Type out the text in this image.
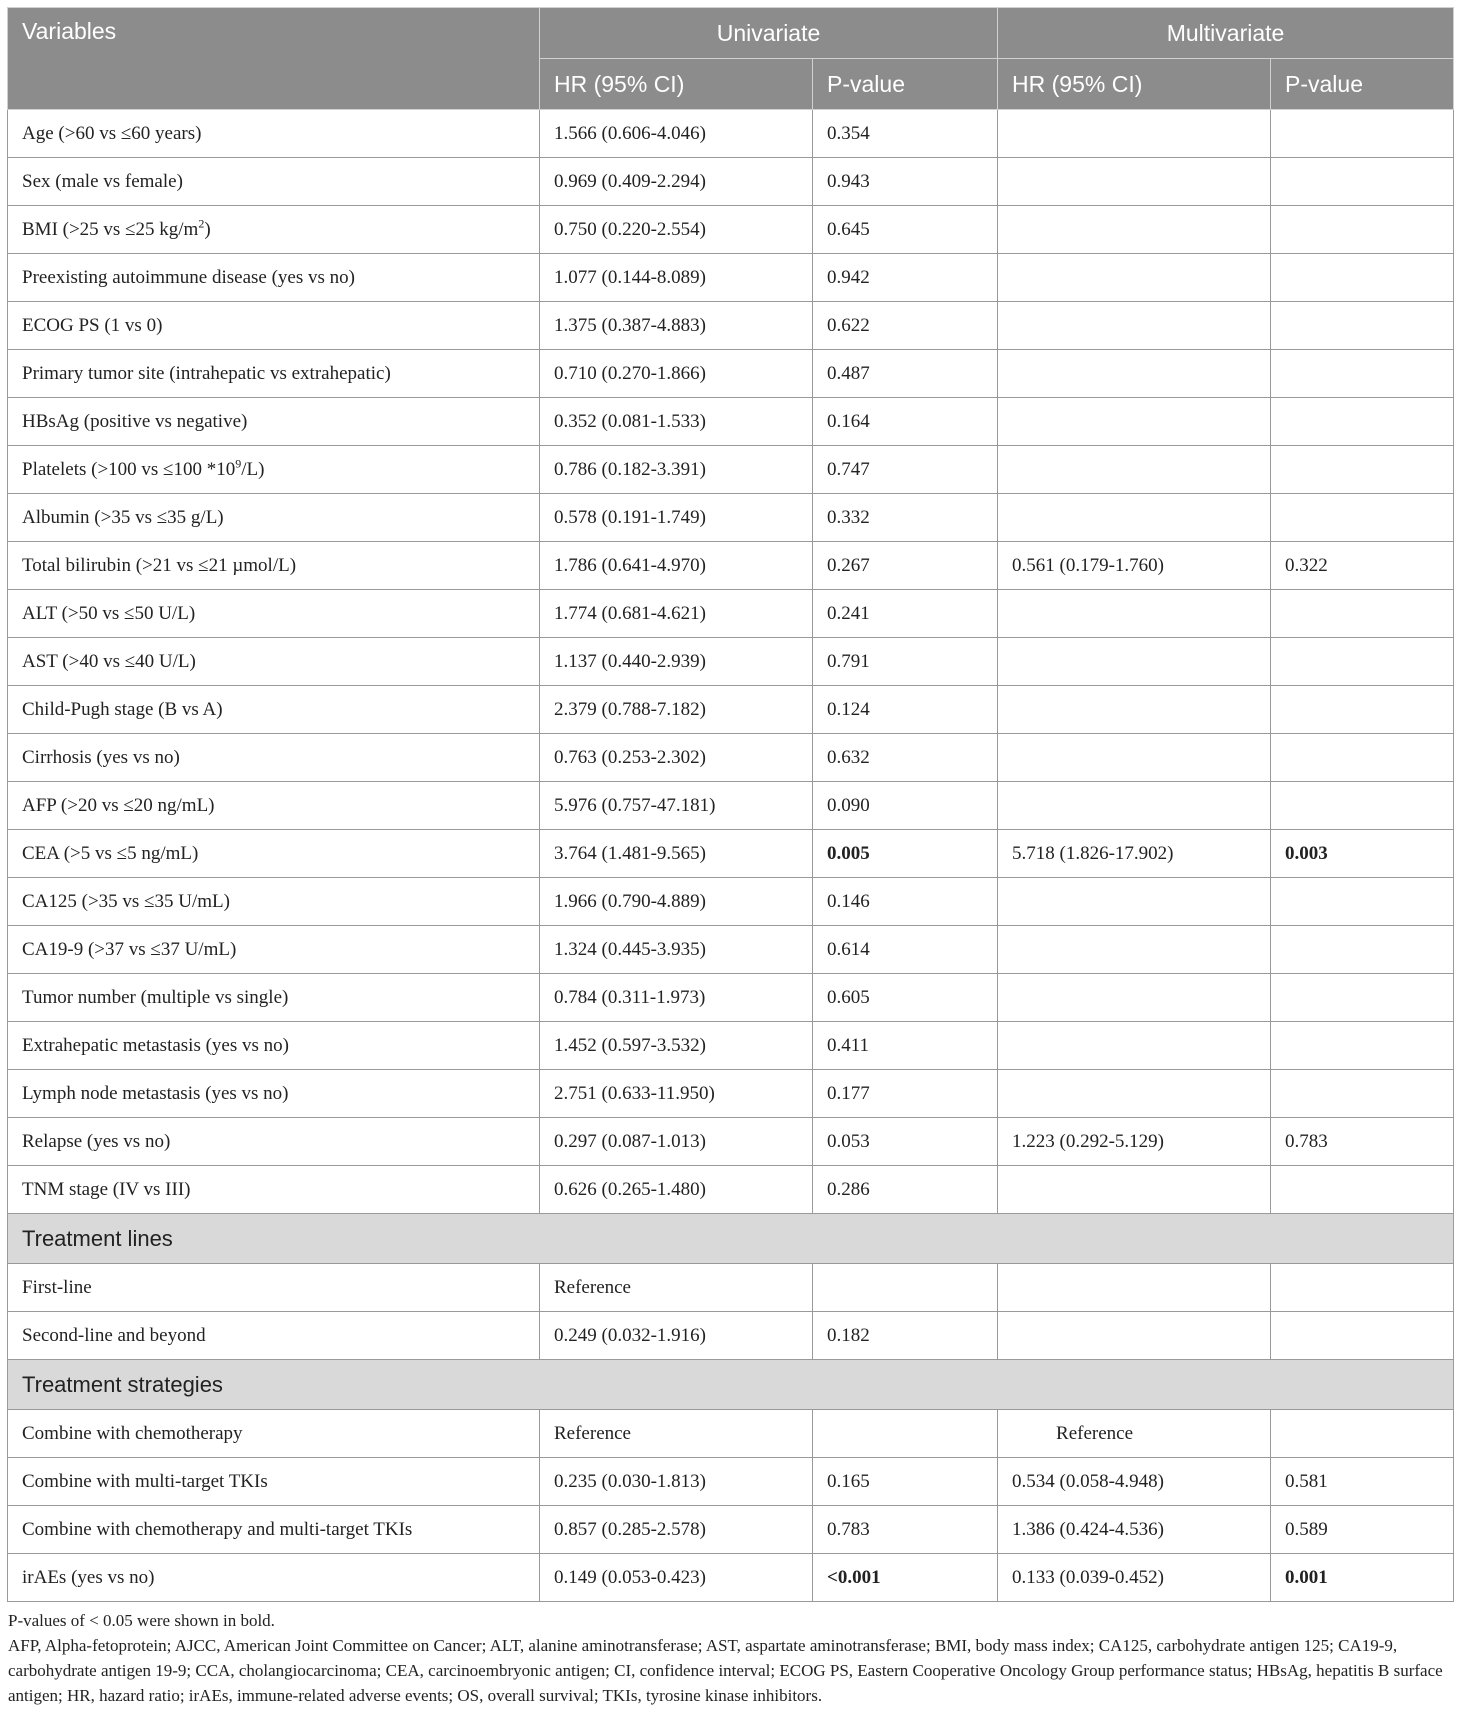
Variables	Univariate		Multivariate	
	HR (95% CI)	P-value	HR (95% CI)	P-value
Age (>60 vs ≤60 years)	1.566 (0.606-4.046)	0.354		
Sex (male vs female)	0.969 (0.409-2.294)	0.943		
BMI (>25 vs ≤25 $kg/m^2$)	0.750 (0.220-2.554)	0.645		
Preexisting autoimmune disease (yes vs no)	1.077 (0.144-8.089)	0.942		
ECOG PS (1 vs 0)	1.375 (0.387-4.883)	0.622		
Primary tumor site (intrahepatic vs extrahepatic)	0.710 (0.270-1.866)	0.487		
HBsAg (positive vs negative)	0.352 (0.081-1.533)	0.164		
Platelets (>100 vs ≤100 $*10^9/L$)	0.786 (0.182-3.391)	0.747		
Albumin (>35 vs ≤35 g/L)	0.578 (0.191-1.749)	0.332		
Total bilirubin (>21 vs ≤21 µmol/L)	1.786 (0.641-4.970)	0.267	0.561 (0.179-1.760)	0.322
ALT (>50 vs ≤50 U/L)	1.774 (0.681-4.621)	0.241		
AST (>40 vs ≤40 U/L)	1.137 (0.440-2.939)	0.791		
Child-Pugh stage (B vs A)	2.379 (0.788-7.182)	0.124		
Cirrhosis (yes vs no)	0.763 (0.253-2.302)	0.632		
AFP (>20 vs ≤20 ng/mL)	5.976 (0.757-47.181)	0.090		
CEA (>5 vs ≤5 ng/mL)	3.764 (1.481-9.565)	0.005	5.718 (1.826-17.902)	0.003
CA125 (>35 vs ≤35 U/mL)	1.966 (0.790-4.889)	0.146		
CA19-9 (>37 vs ≤37 U/mL)	1.324 (0.445-3.935)	0.614		
Tumor number (multiple vs single)	0.784 (0.311-1.973)	0.605		
Extrahepatic metastasis (yes vs no)	1.452 (0.597-3.532)	0.411		
Lymph node metastasis (yes vs no)	2.751 (0.633-11.950)	0.177		
Relapse (yes vs no)	0.297 (0.087-1.013)	0.053	1.223 (0.292-5.129)	0.783
TNM stage (IV vs III)	0.626 (0.265-1.480)	0.286		
Treatment lines				
First-line	Reference			
Second-line and beyond	0.249 (0.032-1.916)	0.182		
Treatment strategies				
Combine with chemotherapy	Reference		Reference	
Combine with multi-target TKIs	0.235 (0.030-1.813)	0.165	0.534 (0.058-4.948)	0.581
Combine with chemotherapy and multi-target TKIs	0.857 (0.285-2.578)	0.783	1.386 (0.424-4.536)	0.589
irAEs (yes vs no)	0.149 (0.053-0.423)	<0.001	0.133 (0.039-0.452)	0.001

P-values of < 0.05 were shown in bold.

AFP, Alpha-fetoprotein; AJCC, American Joint Committee on Cancer; ALT, alanine aminotransferase; AST, aspartate aminotransferase; BMI, body mass index; CA125, carbohydrate antigen 125; CA19-9, carbohydrate antigen 19-9; CCA, cholangiocarcinoma; CEA, carcinoembryonic antigen; CI, confidence interval; ECOG PS, Eastern Cooperative Oncology Group performance status; HBsAg, hepatitis B surface antigen; HR, hazard ratio; irAEs, immune-related adverse events; OS, overall survival; TKIs, tyrosine kinase inhibitors.
